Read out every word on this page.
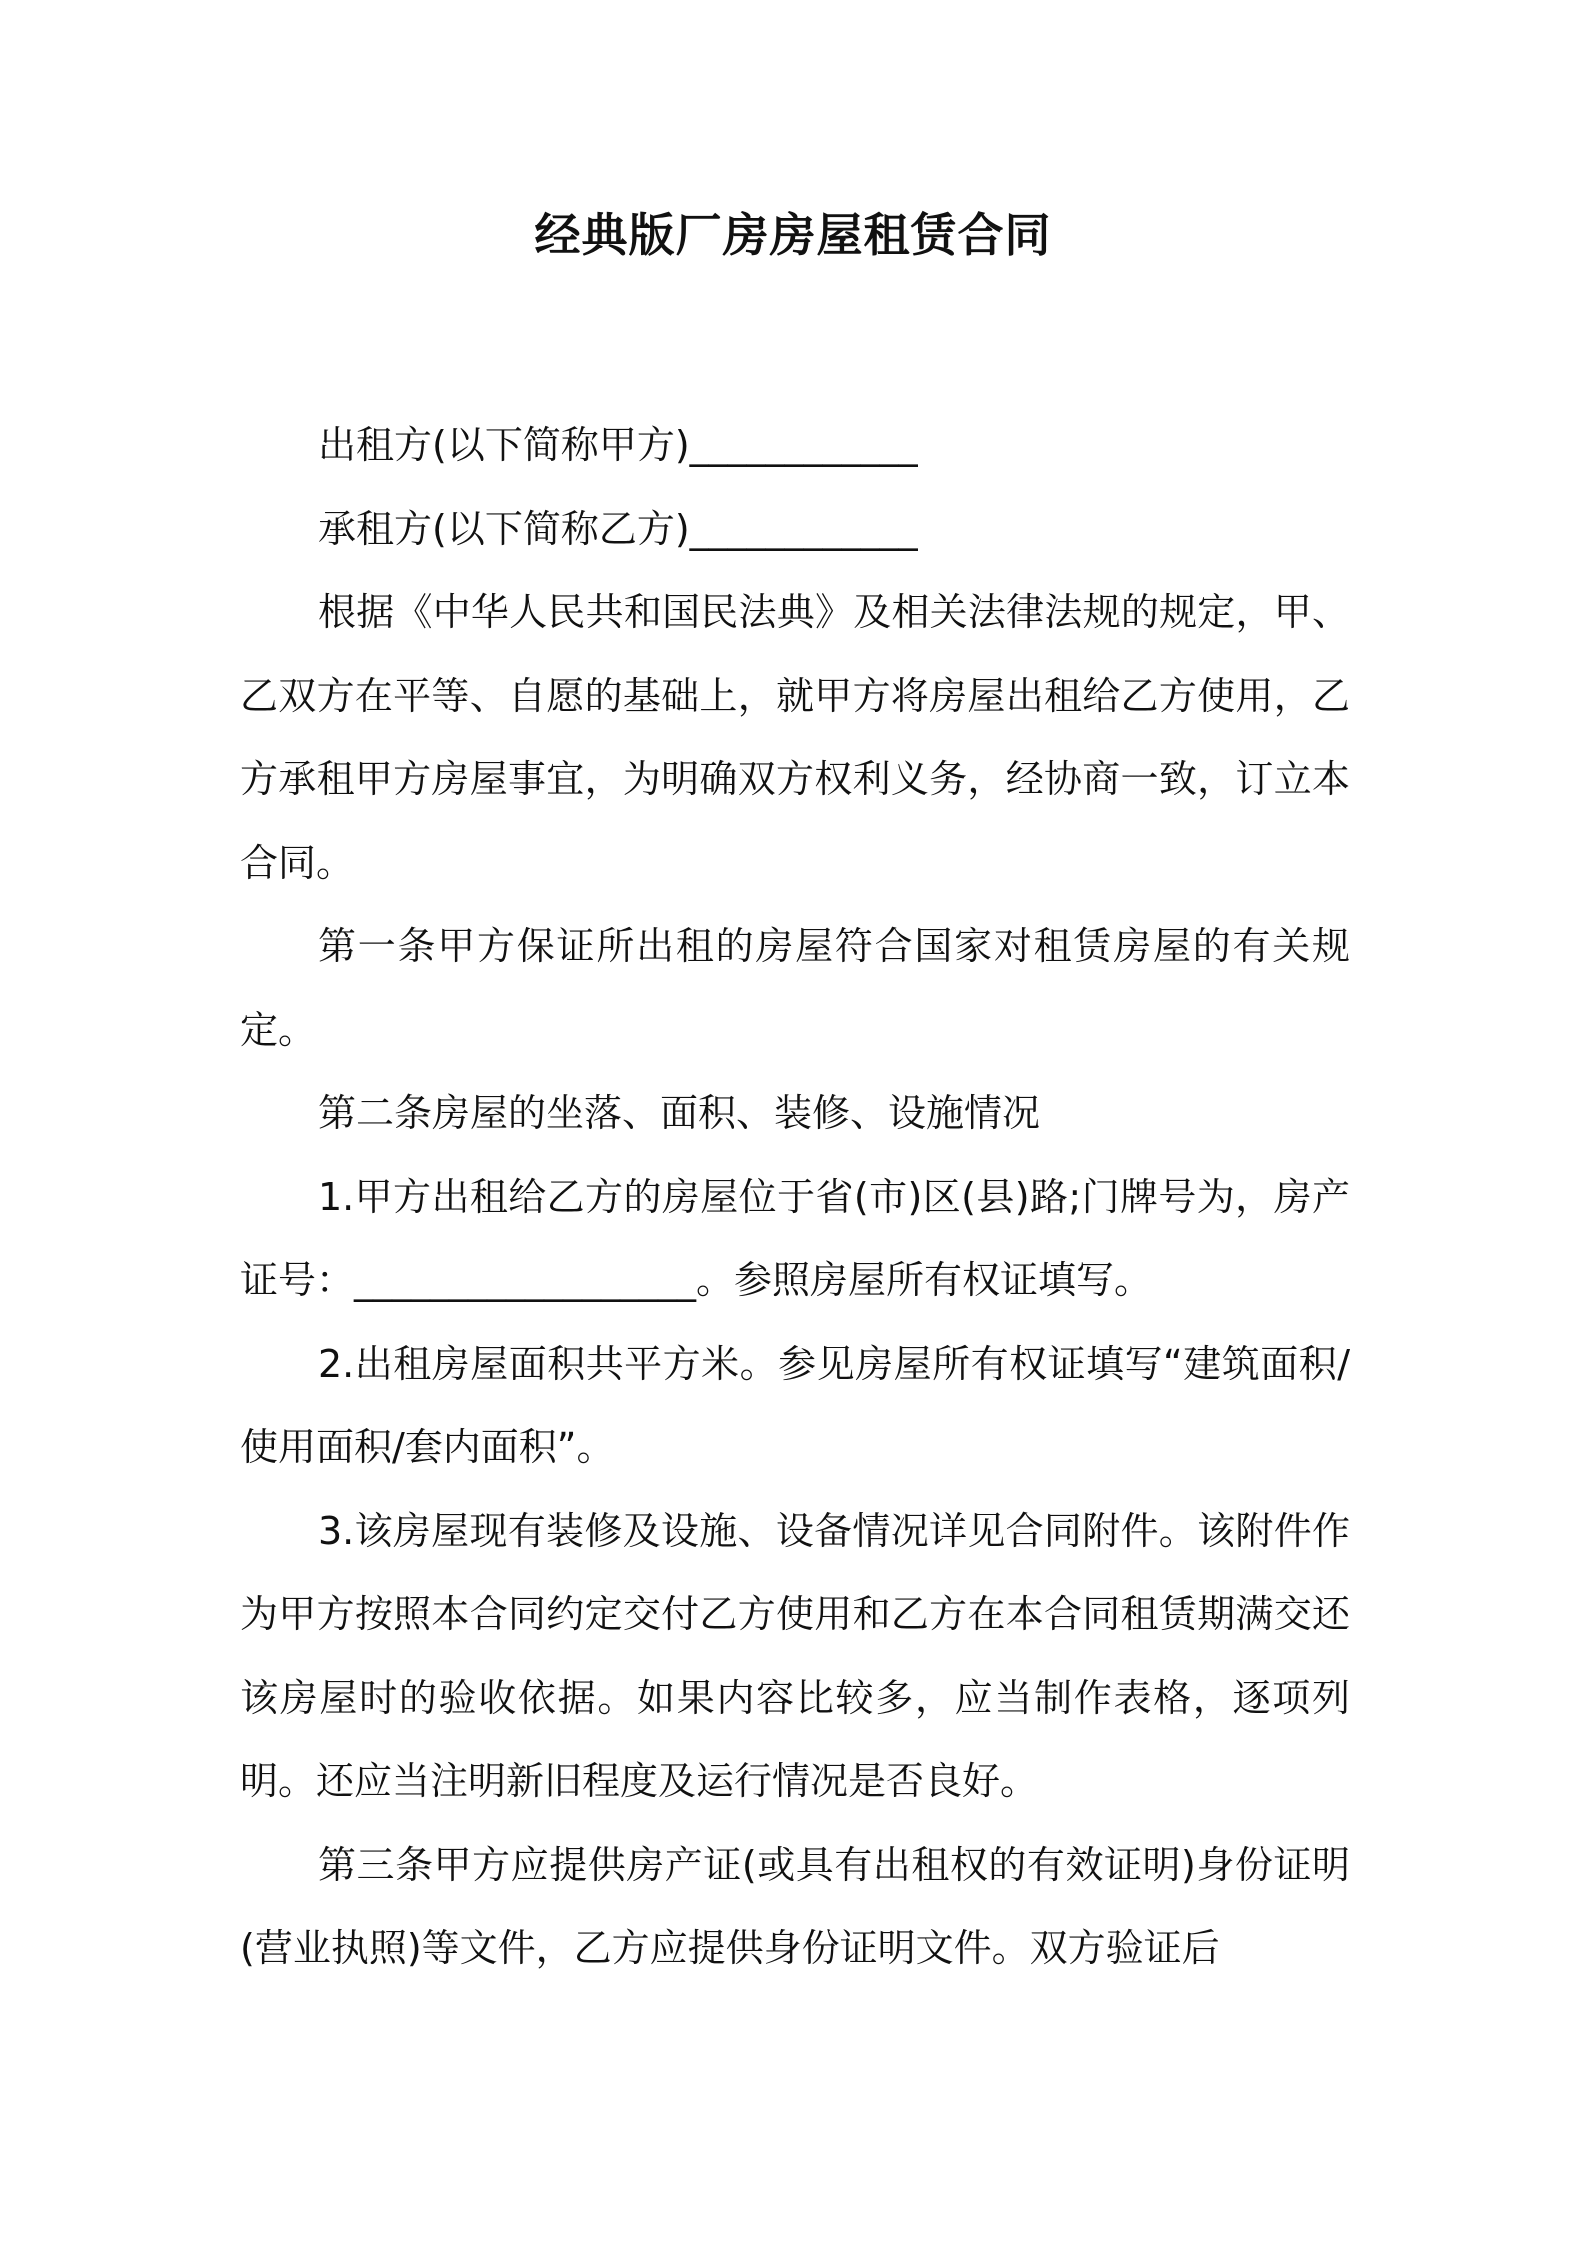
经典版厂房房屋租赁合同

出租方(以下简称甲方)____________

承租方(以下简称乙方)____________

根据《中华人民共和国民法典》及相关法律法规的规定，甲、乙双方在平等、自愿的基础上，就甲方将房屋出租给乙方使用，乙方承租甲方房屋事宜，为明确双方权利义务，经协商一致，订立本合同。

第一条甲方保证所出租的房屋符合国家对租赁房屋的有关规定。

第二条房屋的坐落、面积、装修、设施情况

1.甲方出租给乙方的房屋位于省(市)区(县)路;门牌号为，房产证号：__________________。参照房屋所有权证填写。

2.出租房屋面积共平方米。参见房屋所有权证填写“建筑面积/使用面积/套内面积”。

3.该房屋现有装修及设施、设备情况详见合同附件。该附件作为甲方按照本合同约定交付乙方使用和乙方在本合同租赁期满交还该房屋时的验收依据。如果内容比较多，应当制作表格，逐项列明。还应当注明新旧程度及运行情况是否良好。

第三条甲方应提供房产证(或具有出租权的有效证明)身份证明(营业执照)等文件，乙方应提供身份证明文件。双方验证后
